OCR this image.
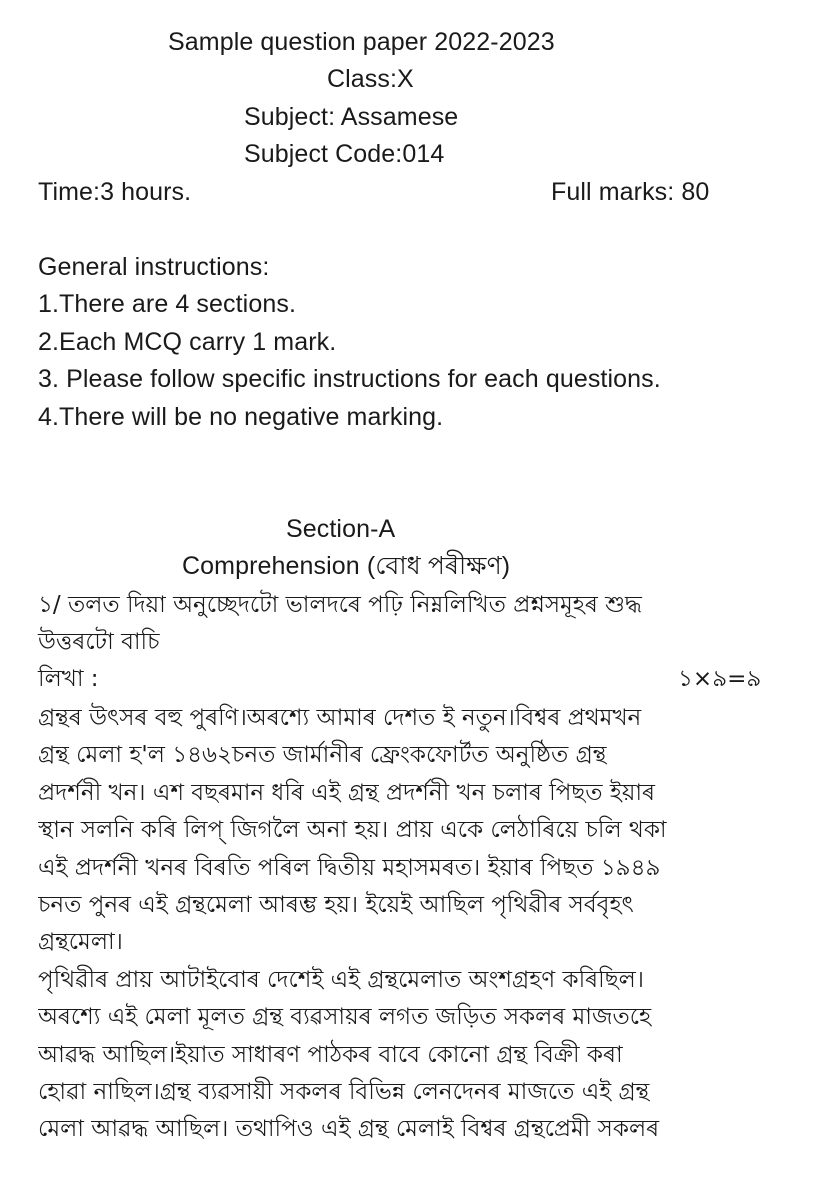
Sample question paper 2022-2023
Class:X
Subject: Assamese
Subject Code:014
Time:3 hours.	Full marks: 80
General instructions:
1.There are 4 sections.
2.Each MCQ carry 1 mark.
3. Please follow specific instructions for each questions.
4.There will be no negative marking.
Section-A
Comprehension (বোধ পৰীক্ষণ)
১/ তলত দিয়া অনুচ্ছেদটো ভালদৰে পঢ়ি নিম্নলিখিত প্ৰশ্নসমূহৰ শুদ্ধ
উত্তৰটো বাচি
লিখা :	১×৯=৯
গ্ৰন্থৰ উৎসৰ বহু পুৰণি।অৰশ্যে আমাৰ দেশত ই নতুন।বিশ্বৰ প্ৰথমখন
গ্ৰন্থ মেলা হ'ল ১৪৬২চনত জাৰ্মানীৰ ফ্ৰেংকফোৰ্টত অনুষ্ঠিত গ্ৰন্থ
প্ৰদৰ্শনী খন। এশ বছৰমান ধৰি এই গ্ৰন্থ প্ৰদৰ্শনী খন চলাৰ পিছত ইয়াৰ
স্থান সলনি কৰি লিপ্ জিগলৈ অনা হয়। প্ৰায় একে লেঠাৰিয়ে চলি থকা
এই প্ৰদৰ্শনী খনৰ বিৰতি পৰিল দ্বিতীয় মহাসমৰত। ইয়াৰ পিছত ১৯৪৯
চনত পুনৰ এই গ্ৰন্থমেলা আৰম্ভ হয়। ইয়েই আছিল পৃথিৱীৰ সৰ্ববৃহৎ
গ্ৰন্থমেলা।
পৃথিৱীৰ প্ৰায় আটাইবোৰ দেশেই এই গ্ৰন্থমেলাত অংশগ্ৰহণ কৰিছিল।
অৰশ্যে এই মেলা মূলত গ্ৰন্থ ব্যৱসায়ৰ লগত জড়িত সকলৰ মাজতহে
আৱদ্ধ আছিল।ইয়াত সাধাৰণ পাঠকৰ বাবে কোনো গ্ৰন্থ বিক্ৰী কৰা
হোৱা নাছিল।গ্ৰন্থ ব্যৱসায়ী সকলৰ বিভিন্ন লেনদেনৰ মাজতে এই গ্ৰন্থ
মেলা আৱদ্ধ আছিল। তথাপিও এই গ্ৰন্থ মেলাই বিশ্বৰ গ্ৰন্থপ্ৰেমী সকলৰ
